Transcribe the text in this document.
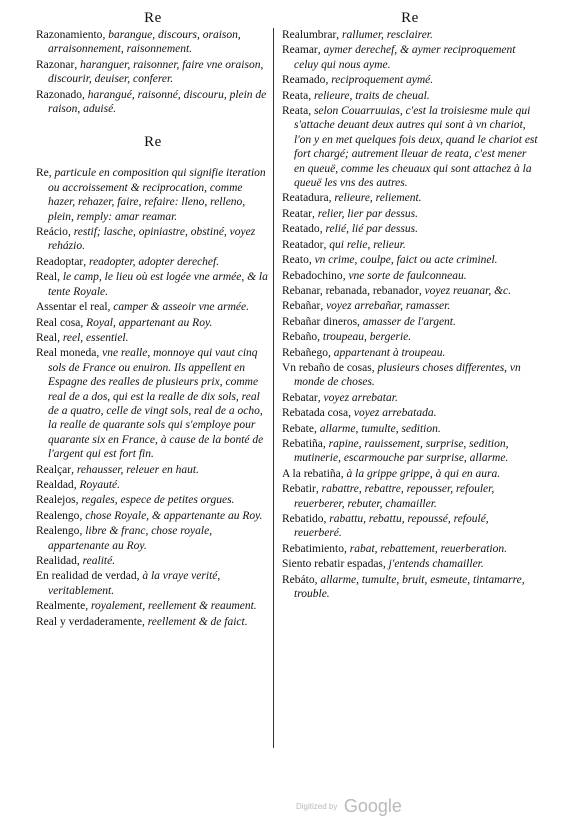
Re

Razonamiento, barangue, discours, oraison, arraisonnement, raisonnement.

Razonar, haranguer, raisonner, faire vne oraison, discourir, deuiser, conferer.

Razonado, harangué, raisonné, discouru, plein de raison, aduisé.

Re

Re, particule en composition qui signifie iteration ou accroissement & reciprocation, comme hazer, rehazer, faire, refaire: lleno, relleno, plein, remply: amar reamar.

Reácio, restif; lasche, opiniastre, obstiné, voyez reházio.

Readoptar, readopter, adopter derechef.

Real, le camp, le lieu où est logée vne armée, & la tente Royale.

Assentar el real, camper & asseoir vne armée.

Real cosa, Royal, appartenant au Roy.

Real, reel, essentiel.

Real moneda, vne realle, monnoye qui vaut cinq sols de France ou enuiron. Ils appellent en Espagne des realles de plusieurs prix, comme real de a dos, qui est la realle de dix sols, real de a quatro, celle de vingt sols, real de a ocho, la realle de quarante sols qui s'employe pour quarante six en France, à cause de la bonté de l'argent qui est fort fin.

Realçar, rehausser, releuer en haut.

Realdad, Royauté.

Realejos, regales, espece de petites orgues.

Realengo, chose Royale, & appartenante au Roy.

Realengo, libre & franc, chose royale, appartenante au Roy.

Realidad, realité.

En realidad de verdad, à la vraye verité, veritablement.

Realmente, royalement, reellement & reaument.

Real y verdaderamente, reellement & de faict.

Re

Realumbrar, rallumer, resclairer.

Reamar, aymer derechef, & aymer reciproquement celuy qui nous ayme.

Reamado, reciproquement aymé.

Reata, relieure, traits de cheual.

Reata, selon Couarruuias, c'est la troisiesme mule qui s'attache deuant deux autres qui sont à vn chariot, l'on y en met quelques fois deux, quand le chariot est fort chargé; autrement lleuar de reata, c'est mener en queuë, comme les cheuaux qui sont attachez à la queuë les vns des autres.

Reatadura, relieure, reliement.

Reatar, relier, lier par dessus.

Reatado, relié, lié par dessus.

Reatador, qui relie, relieur.

Reato, vn crime, coulpe, faict ou acte criminel.

Rebadochino, vne sorte de faulconneau.

Rebanar, rebanada, rebanador, voyez reuanar, &c.

Rebañar, voyez arrebañar, ramasser.

Rebañar dineros, amasser de l'argent.

Rebaño, troupeau, bergerie.

Rebañego, appartenant à troupeau.

Vn rebaño de cosas, plusieurs choses differentes, vn monde de choses.

Rebatar, voyez arrebatar.

Rebatada cosa, voyez arrebatada.

Rebate, allarme, tumulte, sedition.

Rebatiña, rapine, rauissement, surprise, sedition, mutinerie, escarmouche par surprise, allarme.

A la rebatiña, à la grippe grippe, à qui en aura.

Rebatir, rabattre, rebattre, repousser, refouler, reuerberer, rebuter, chamailler.

Rebatido, rabattu, rebattu, repoussé, refoulé, reuerberé.

Rebatimiento, rabat, rebattement, reuerberation.

Siento rebatir espadas, j'entends chamailler.

Rebáto, allarme, tumulte, bruit, esmeute, tintamarre, trouble.

Digitized by Google
